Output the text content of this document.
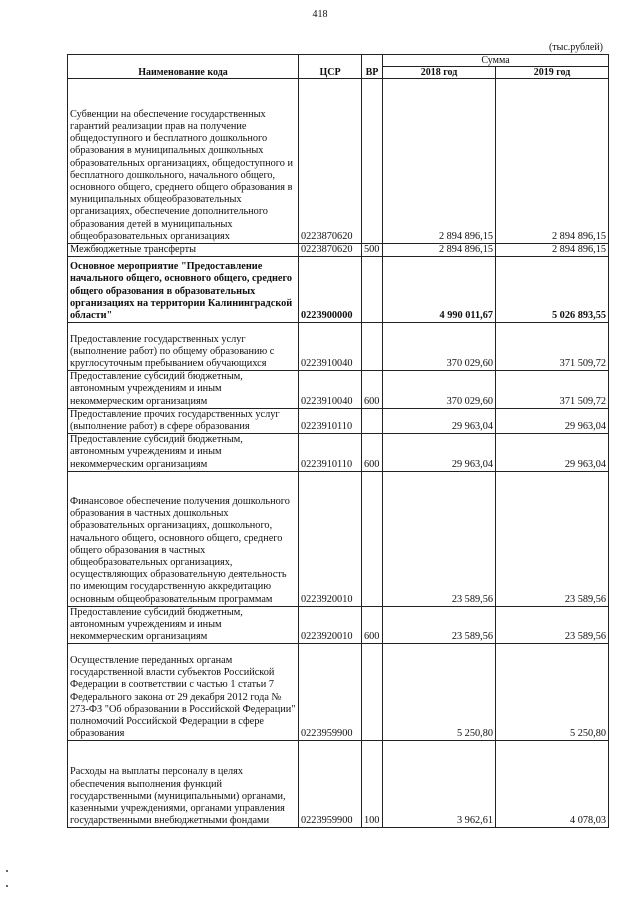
418
(тыс.рублей)
Наименование кода	ЦСР	ВР	Сумма	
			2018 год	2019 год
Субвенции на обеспечение государственных гарантий реализации прав на получение общедоступного и бесплатного дошкольного образования в муниципальных дошкольных образовательных организациях, общедоступного и бесплатного дошкольного, начального общего, основного общего, среднего общего образования в муниципальных общеобразовательных организациях, обеспечение дополнительного образования детей в муниципальных общеобразовательных организациях	0223870620		2 894 896,15	2 894 896,15
Межбюджетные трансферты	0223870620	500	2 894 896,15	2 894 896,15
Основное мероприятие "Предоставление начального общего, основного общего, среднего общего образования в образовательных организациях на территории Калининградской области"	0223900000		4 990 011,67	5 026 893,55
Предоставление государственных услуг (выполнение работ) по общему образованию с круглосуточным пребыванием обучающихся	0223910040		370 029,60	371 509,72
Предоставление субсидий бюджетным, автономным учреждениям и иным некоммерческим организациям	0223910040	600	370 029,60	371 509,72
Предоставление прочих государственных услуг (выполнение работ) в сфере образования	0223910110		29 963,04	29 963,04
Предоставление субсидий бюджетным, автономным учреждениям и иным некоммерческим организациям	0223910110	600	29 963,04	29 963,04
Финансовое обеспечение получения дошкольного образования в частных дошкольных образовательных организациях, дошкольного, начального общего, основного общего, среднего общего образования в частных общеобразовательных организациях, осуществляющих образовательную деятельность по имеющим государственную аккредитацию основным общеобразовательным программам	0223920010		23 589,56	23 589,56
Предоставление субсидий бюджетным, автономным учреждениям и иным некоммерческим организациям	0223920010	600	23 589,56	23 589,56
Осуществление переданных органам государственной власти субъектов Российской Федерации в соответствии с частью 1 статьи 7 Федерального закона от 29 декабря 2012 года № 273-ФЗ "Об образовании в Российской Федерации" полномочий Российской Федерации в сфере образования	0223959900		5 250,80	5 250,80
Расходы на выплаты персоналу в целях обеспечения выполнения функций государственными (муниципальными) органами, казенными учреждениями, органами управления государственными внебюджетными фондами	0223959900	100	3 962,61	4 078,03
